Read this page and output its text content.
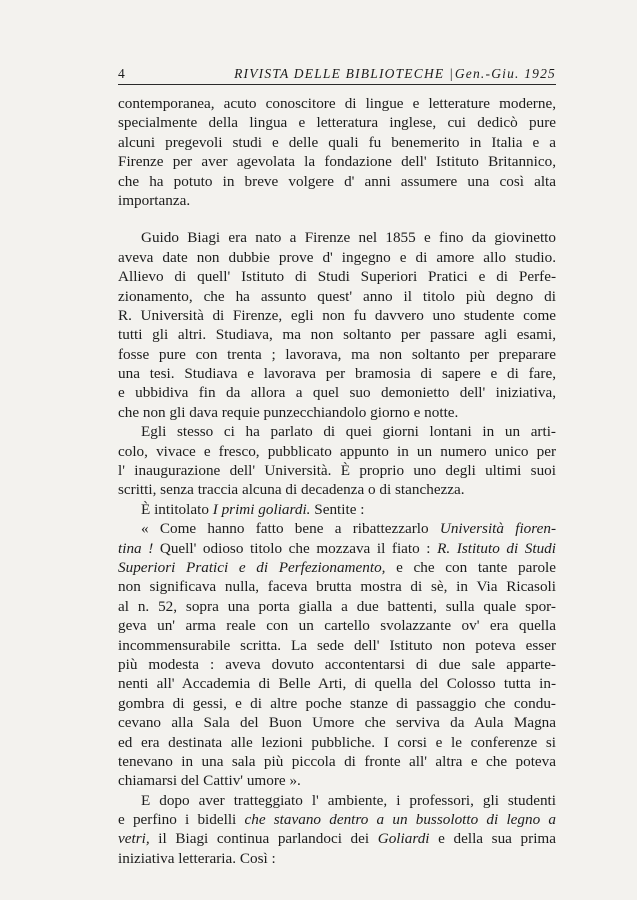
4	RIVISTA DELLE BIBLIOTECHE |Gen.-Giu. 1925
contemporanea, acuto conoscitore di lingue e letterature moderne,
specialmente della lingua e letteratura inglese, cui dedicò pure
alcuni pregevoli studi e delle quali fu benemerito in Italia e a
Firenze per aver agevolata la fondazione dell' Istituto Britannico,
che ha potuto in breve volgere d' anni assumere una così alta
importanza.
Guido Biagi era nato a Firenze nel 1855 e fino da giovinetto
aveva date non dubbie prove d' ingegno e di amore allo studio.
Allievo di quell' Istituto di Studi Superiori Pratici e di Perfe-
zionamento, che ha assunto quest' anno il titolo più degno di
R. Università di Firenze, egli non fu davvero uno studente come
tutti gli altri. Studiava, ma non soltanto per passare agli esami,
fosse pure con trenta ; lavorava, ma non soltanto per preparare
una tesi. Studiava e lavorava per bramosia di sapere e di fare,
e ubbidiva fin da allora a quel suo demonietto dell' iniziativa,
che non gli dava requie punzecchiandolo giorno e notte.
Egli stesso ci ha parlato di quei giorni lontani in un arti-
colo, vivace e fresco, pubblicato appunto in un numero unico per
l' inaugurazione dell' Università. È proprio uno degli ultimi suoi
scritti, senza traccia alcuna di decadenza o di stanchezza.
È intitolato I primi goliardi. Sentite :
« Come hanno fatto bene a ribattezzarlo Università fioren-
tina ! Quell' odioso titolo che mozzava il fiato : R. Istituto di Studi
Superiori Pratici e di Perfezionamento, e che con tante parole
non significava nulla, faceva brutta mostra di sè, in Via Ricasoli
al n. 52, sopra una porta gialla a due battenti, sulla quale spor-
geva un' arma reale con un cartello svolazzante ov' era quella
incommensurabile scritta. La sede dell' Istituto non poteva esser
più modesta : aveva dovuto accontentarsi di due sale apparte-
nenti all' Accademia di Belle Arti, di quella del Colosso tutta in-
gombra di gessi, e di altre poche stanze di passaggio che condu-
cevano alla Sala del Buon Umore che serviva da Aula Magna
ed era destinata alle lezioni pubbliche. I corsi e le conferenze si
tenevano in una sala più piccola di fronte all' altra e che poteva
chiamarsi del Cattiv' umore ».
E dopo aver tratteggiato l' ambiente, i professori, gli studenti
e perfino i bidelli che stavano dentro a un bussolotto di legno a
vetri, il Biagi continua parlandoci dei Goliardi e della sua prima
iniziativa letteraria. Così :
